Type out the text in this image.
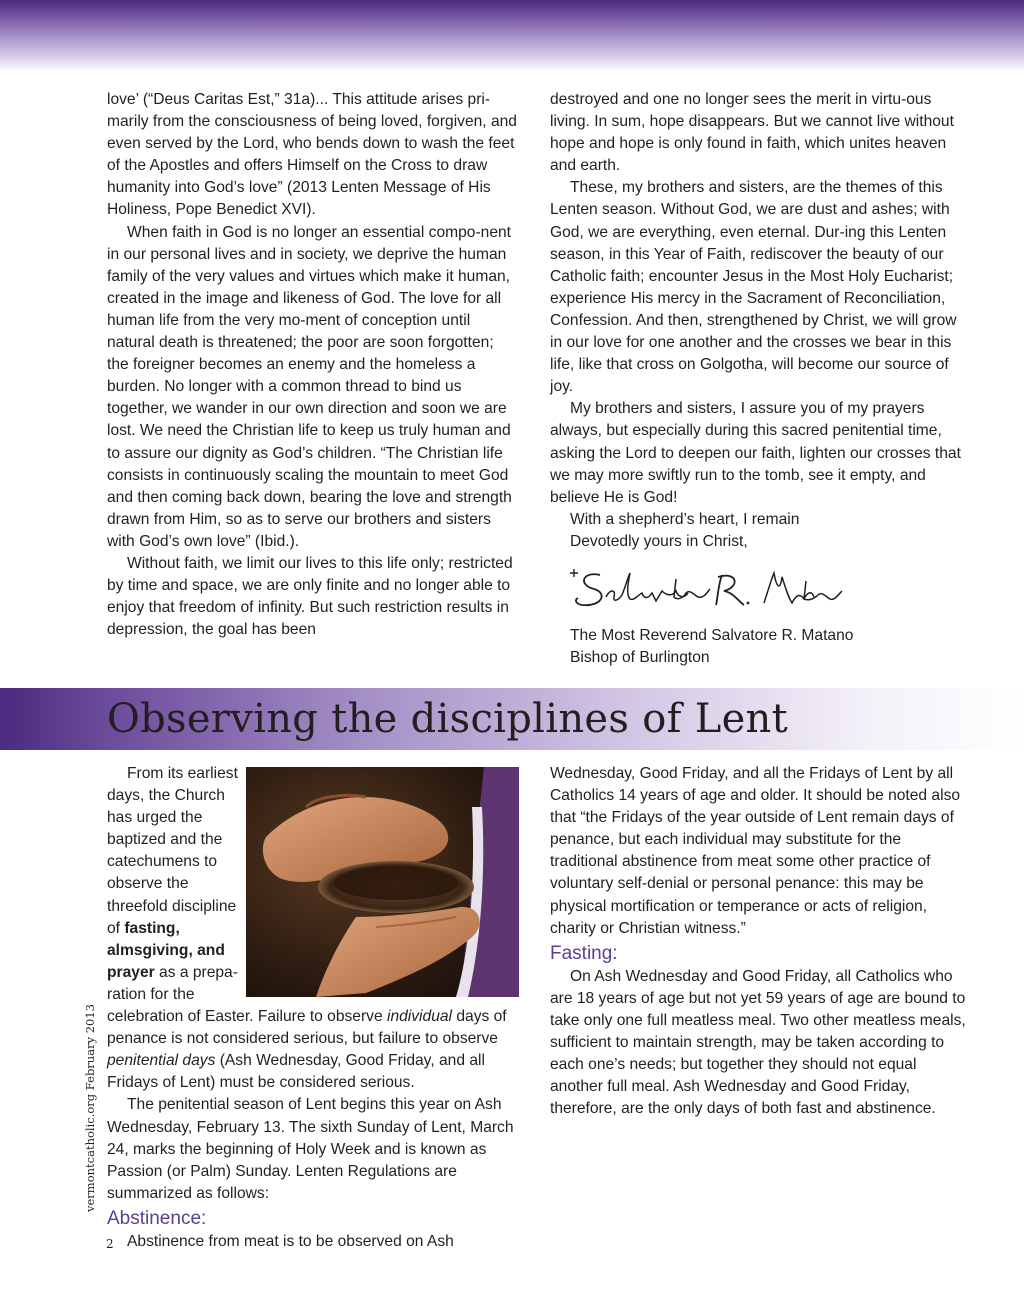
love’ (“Deus Caritas Est,” 31a)... This attitude arises pri-marily from the consciousness of being loved, forgiven, and even served by the Lord, who bends down to wash the feet of the Apostles and offers Himself on the Cross to draw humanity into God’s love” (2013 Lenten Message of His Holiness, Pope Benedict XVI).

When faith in God is no longer an essential compo-nent in our personal lives and in society, we deprive the human family of the very values and virtues which make it human, created in the image and likeness of God. The love for all human life from the very mo-ment of conception until natural death is threatened; the poor are soon forgotten; the foreigner becomes an enemy and the homeless a burden. No longer with a common thread to bind us together, we wander in our own direction and soon we are lost. We need the Christian life to keep us truly human and to assure our dignity as God’s children. “The Christian life consists in continuously scaling the mountain to meet God and then coming back down, bearing the love and strength drawn from Him, so as to serve our brothers and sisters with God’s own love” (Ibid.).

Without faith, we limit our lives to this life only; restricted by time and space, we are only finite and no longer able to enjoy that freedom of infinity. But such restriction results in depression, the goal has been

destroyed and one no longer sees the merit in virtu-ous living. In sum, hope disappears. But we cannot live without hope and hope is only found in faith, which unites heaven and earth.

These, my brothers and sisters, are the themes of this Lenten season. Without God, we are dust and ashes; with God, we are everything, even eternal. Dur-ing this Lenten season, in this Year of Faith, rediscover the beauty of our Catholic faith; encounter Jesus in the Most Holy Eucharist; experience His mercy in the Sacrament of Reconciliation, Confession. And then, strengthened by Christ, we will grow in our love for one another and the crosses we bear in this life, like that cross on Golgotha, will become our source of joy.

My brothers and sisters, I assure you of my prayers always, but especially during this sacred penitential time, asking the Lord to deepen our faith, lighten our crosses that we may more swiftly run to the tomb, see it empty, and believe He is God!

With a shepherd’s heart, I remain

Devotedly yours in Christ,

The Most Reverend Salvatore R. Matano

Bishop of Burlington

Observing the disciplines of Lent

From its earliest days, the Church has urged the baptized and the catechumens to observe the threefold discipline of fasting, almsgiving, and prayer as a prepa-ration for the celebration of Easter. Failure to observe individual days of penance is not considered serious, but failure to observe penitential days (Ash Wednesday, Good Friday, and all Fridays of Lent) must be considered serious.

The penitential season of Lent begins this year on Ash Wednesday, February 13. The sixth Sunday of Lent, March 24, marks the beginning of Holy Week and is known as Passion (or Palm) Sunday. Lenten Regulations are summarized as follows:

Abstinence:

Abstinence from meat is to be observed on Ash

Wednesday, Good Friday, and all the Fridays of Lent by all Catholics 14 years of age and older. It should be noted also that “the Fridays of the year outside of Lent remain days of penance, but each individual may substitute for the traditional abstinence from meat some other practice of voluntary self-denial or personal penance: this may be physical mortification or temperance or acts of religion, charity or Christian witness.”

Fasting:

On Ash Wednesday and Good Friday, all Catholics who are 18 years of age but not yet 59 years of age are bound to take only one full meatless meal. Two other meatless meals, sufficient to maintain strength, may be taken according to each one’s needs; but together they should not equal another full meal. Ash Wednesday and Good Friday, therefore, are the only days of both fast and abstinence.

vermontcatholic.org February 2013
2
